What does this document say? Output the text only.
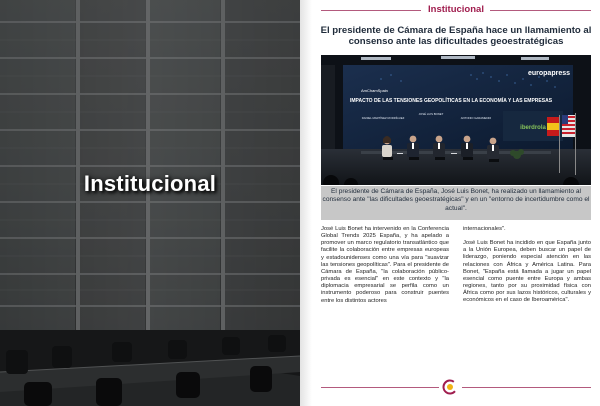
Institucional
Institucional
El presidente de Cámara de España hace un llamamiento al consenso ante las dificultades geoestratégicas
europapress
AmChamSpain
IMPACTO DE LAS TENSIONES GEOPOLÍTICAS EN LA ECONOMÍA Y LAS EMPRESAS
DANIEL MARTÍNEZ RODRÍGUEZ
JOSÉ LUIS BONET
ANTONIO GARAMENDI
iberdrola
El presidente de Cámara de España, José Luis Bonet, ha realizado un llamamiento al consenso ante "las dificultades geoestratégicas" y en un "entorno de incertidumbre como el actual".

José Luis Bonet ha intervenido en la Conferencia Global Trends 2025 España, y ha apelado a promover un marco regulatorio transatlántico que facilite la colaboración entre empresas europeas y estadounidenses como una vía para "suavizar las tensiones geopolíticas". Para el presidente de Cámara de España, "la colaboración público-privada es esencial" en este contexto y "la diplomacia empresarial se perfila como un instrumento poderoso para construir puentes entre los distintos actores

internacionales".

José Luis Bonet ha incidido en que España junto a la Unión Europea, deben buscar un papel de liderazgo, poniendo especial atención en las relaciones con África y América Latina. Para Bonet, "España está llamada a jugar un papel esencial como puente entre Europa y ambas regiones, tanto por su proximidad física con África como por sus lazos históricos, culturales y económicos en el caso de Iberoamérica".
